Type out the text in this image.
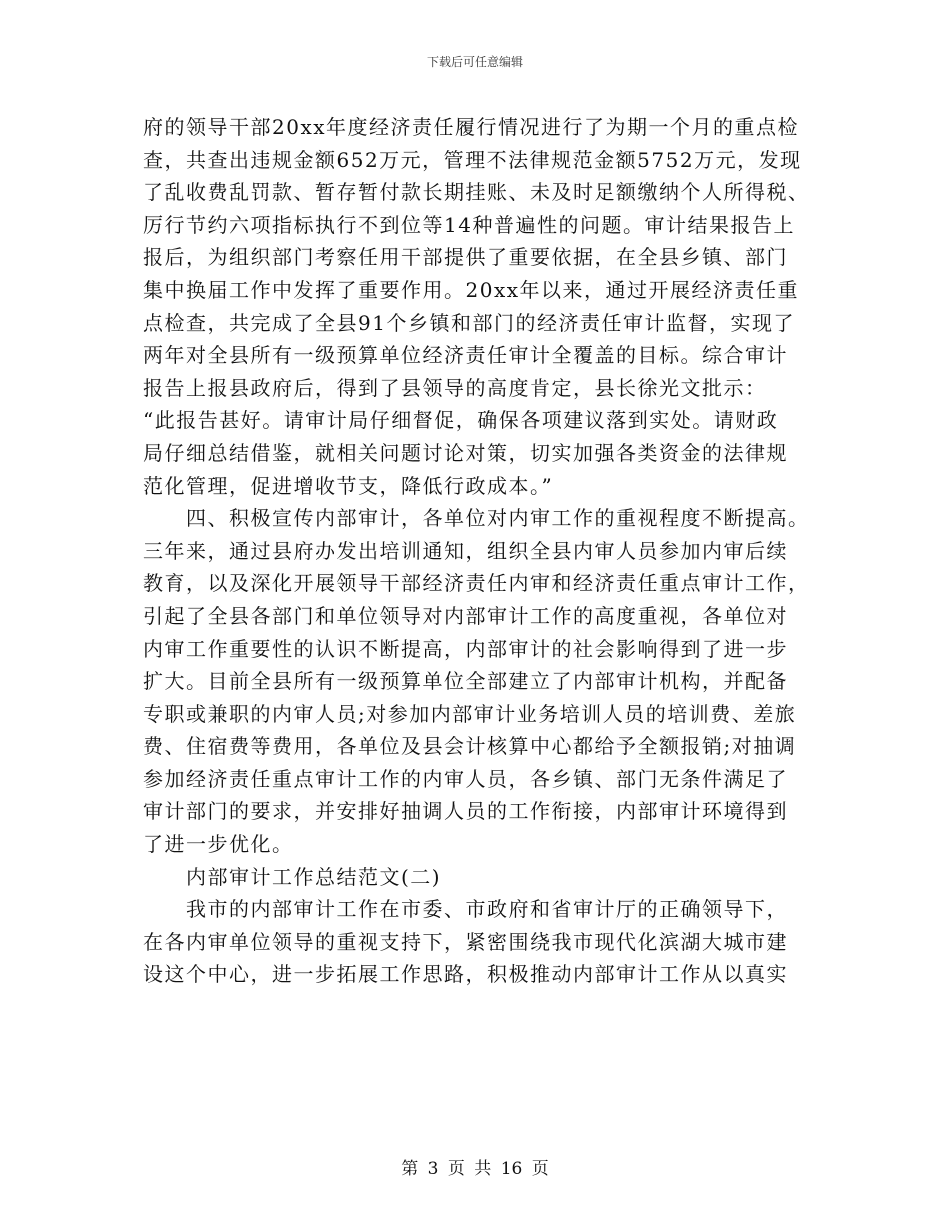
下载后可任意编辑
府的领导干部20xx年度经济责任履行情况进行了为期一个月的重点检
查，共查出违规金额652万元，管理不法律规范金额5752万元，发现
了乱收费乱罚款、暂存暂付款长期挂账、未及时足额缴纳个人所得税、
厉行节约六项指标执行不到位等14种普遍性的问题。审计结果报告上
报后，为组织部门考察任用干部提供了重要依据，在全县乡镇、部门
集中换届工作中发挥了重要作用。20xx年以来，通过开展经济责任重
点检查，共完成了全县91个乡镇和部门的经济责任审计监督，实现了
两年对全县所有一级预算单位经济责任审计全覆盖的目标。综合审计
报告上报县政府后，得到了县领导的高度肯定，县长徐光文批示：
“此报告甚好。请审计局仔细督促，确保各项建议落到实处。请财政
局仔细总结借鉴，就相关问题讨论对策，切实加强各类资金的法律规
范化管理，促进增收节支，降低行政成本。”
四、积极宣传内部审计，各单位对内审工作的重视程度不断提高。
三年来，通过县府办发出培训通知，组织全县内审人员参加内审后续
教育，以及深化开展领导干部经济责任内审和经济责任重点审计工作，
引起了全县各部门和单位领导对内部审计工作的高度重视，各单位对
内审工作重要性的认识不断提高，内部审计的社会影响得到了进一步
扩大。目前全县所有一级预算单位全部建立了内部审计机构，并配备
专职或兼职的内审人员;对参加内部审计业务培训人员的培训费、差旅
费、住宿费等费用，各单位及县会计核算中心都给予全额报销;对抽调
参加经济责任重点审计工作的内审人员，各乡镇、部门无条件满足了
审计部门的要求，并安排好抽调人员的工作衔接，内部审计环境得到
了进一步优化。
内部审计工作总结范文(二)
我市的内部审计工作在市委、市政府和省审计厅的正确领导下，
在各内审单位领导的重视支持下，紧密围绕我市现代化滨湖大城市建
设这个中心，进一步拓展工作思路，积极推动内部审计工作从以真实
第 3 页 共 16 页
